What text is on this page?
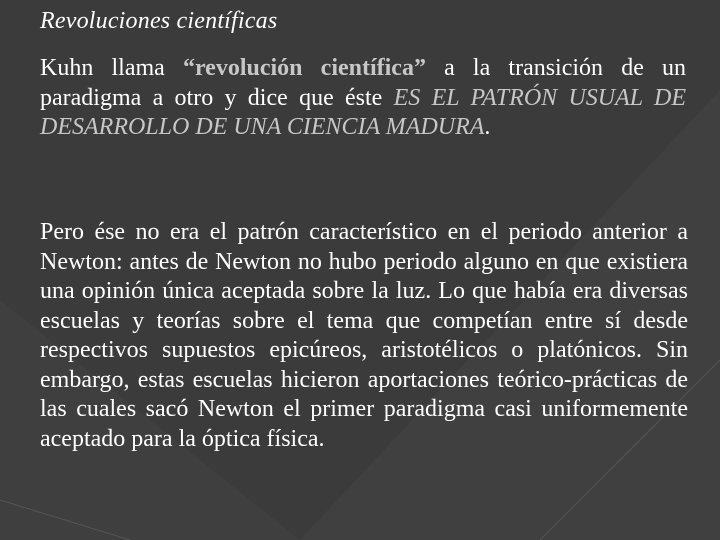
Revoluciones científicas
Kuhn llama “revolución científica” a la transición de un paradigma a otro y dice que éste ES EL PATRÓN USUAL DE DESARROLLO DE UNA CIENCIA MADURA.
Pero ése no era el patrón característico en el periodo anterior a Newton: antes de Newton no hubo periodo alguno en que existiera una opinión única aceptada sobre la luz. Lo que había era diversas escuelas y teorías sobre el tema que competían entre sí desde respectivos supuestos epicúreos, aristotélicos o platónicos. Sin embargo, estas escuelas hicieron aportaciones teórico-prácticas de las cuales sacó Newton el primer paradigma casi uniformemente aceptado para la óptica física.
